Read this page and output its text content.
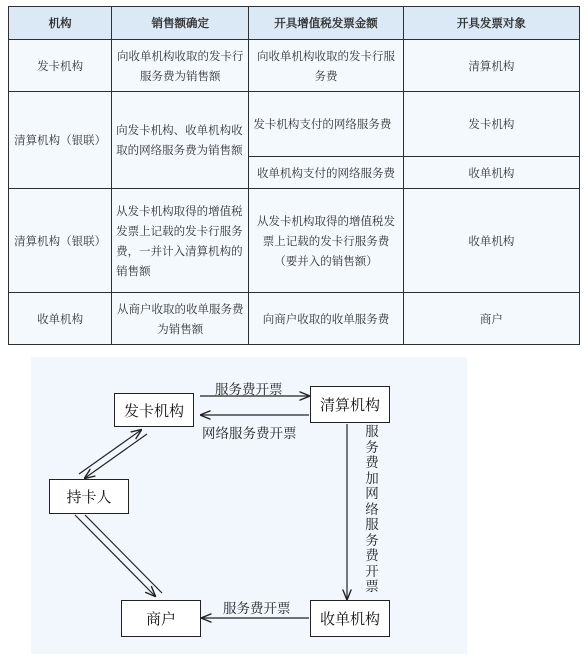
机构	销售额确定	开具增值税发票金额	开具发票对象
发卡机构	向收单机构收取的发卡行服务费为销售额	向收单机构收取的发卡行服务费	清算机构
清算机构（银联）	向发卡机构、收单机构收取的网络服务费为销售额	发卡机构支付的网络服务费	发卡机构
		收单机构支付的网络服务费	收单机构
清算机构（银联）	从发卡机构取得的增值税发票上记载的发卡行服务费，一并计入清算机构的销售额	从发卡机构取得的增值税发票上记载的发卡行服务费（要并入的销售额）	收单机构
收单机构	从商户收取的收单服务费为销售额	向商户收取的收单服务费	商户
发卡机构	清算机构
持卡人
商户	收单机构
服务费开票
网络服务费开票	服务费加网络服务费开票
服务费开票
